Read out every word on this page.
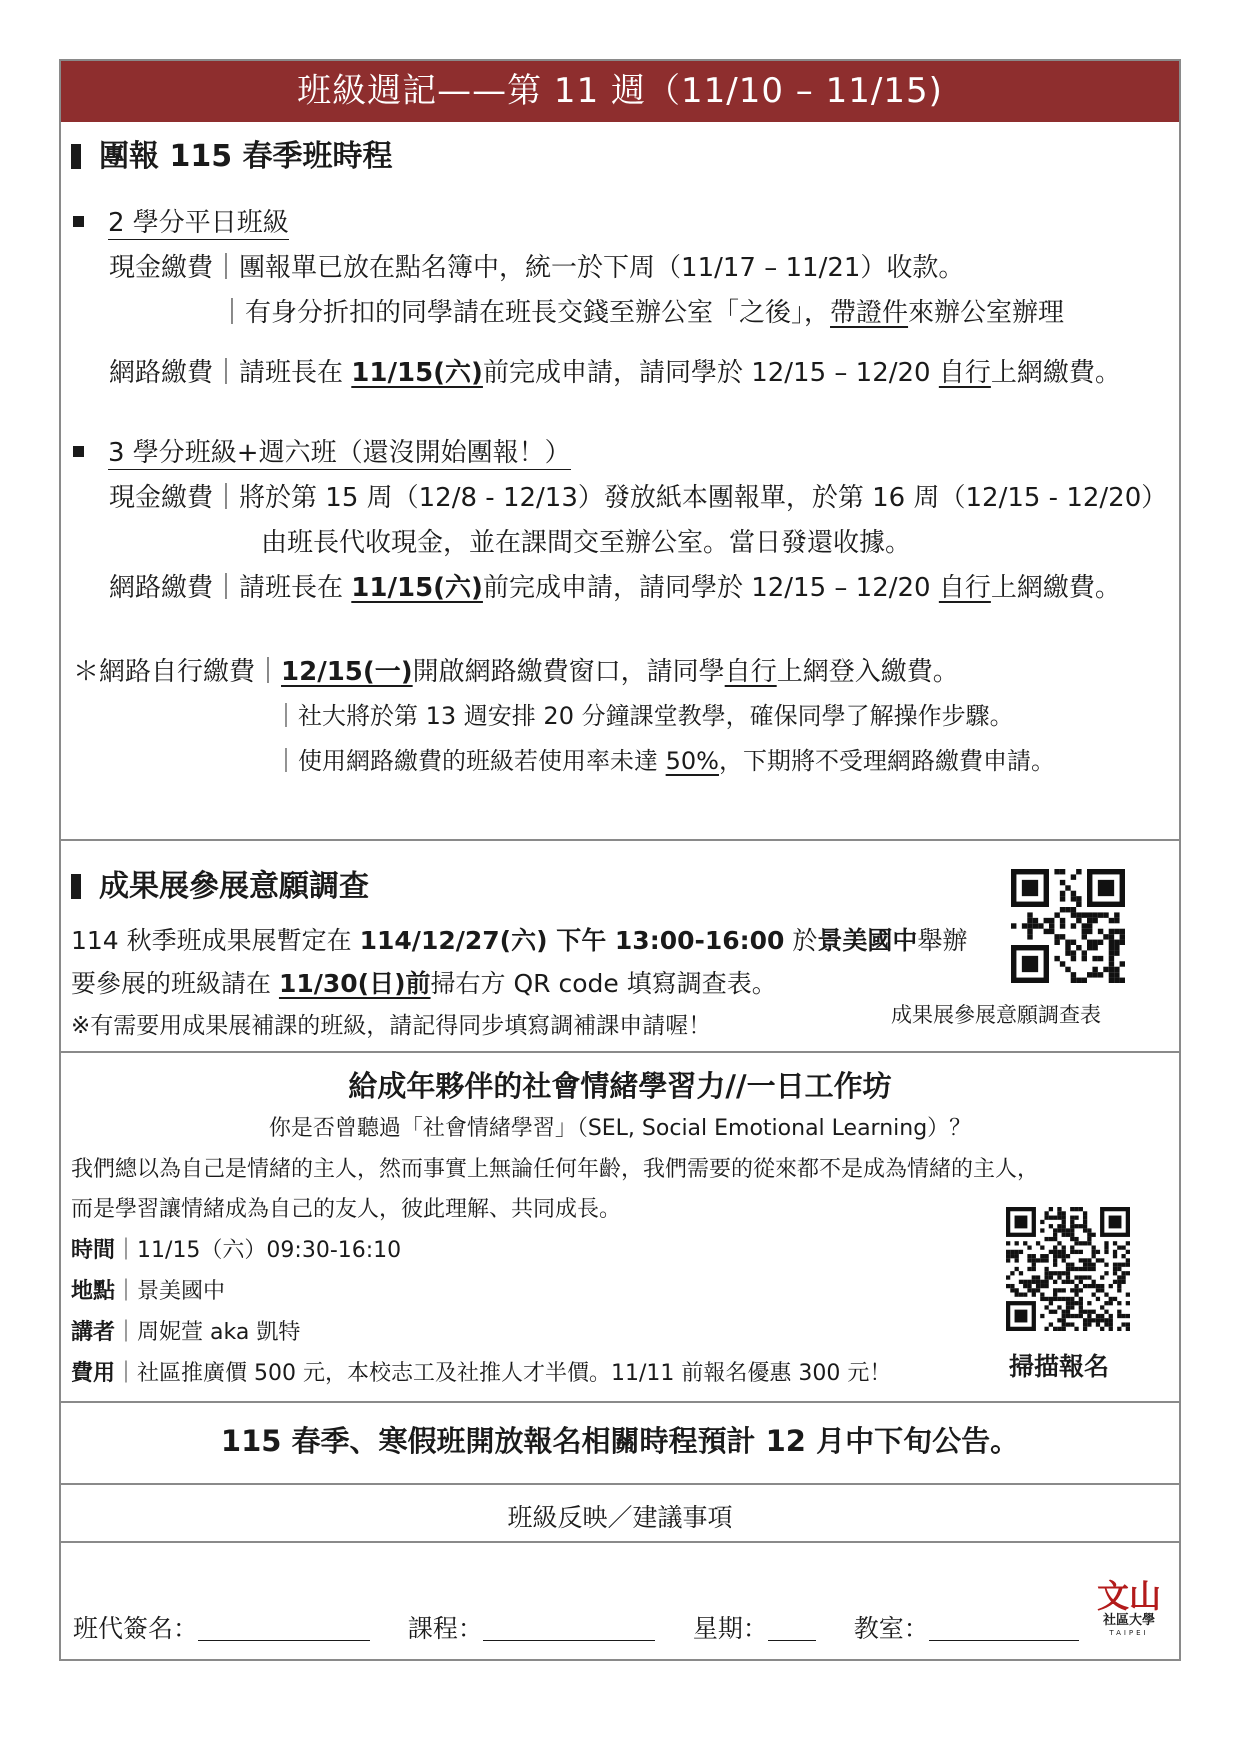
班級週記——第 11 週（11/10 – 11/15)
團報 115 春季班時程
2 學分平日班級
現金繳費｜團報單已放在點名簿中，統一於下周（11/17 – 11/21）收款。
｜有身分折扣的同學請在班長交錢至辦公室「之後」，帶證件來辦公室辦理
網路繳費｜請班長在 11/15(六)前完成申請，請同學於 12/15 – 12/20 自行上網繳費。
3 學分班級+週六班（還沒開始團報！）
現金繳費｜將於第 15 周（12/8 - 12/13）發放紙本團報單，於第 16 周（12/15 - 12/20）
由班長代收現金，並在課間交至辦公室。當日發還收據。
網路繳費｜請班長在 11/15(六)前完成申請，請同學於 12/15 – 12/20 自行上網繳費。
＊網路自行繳費｜12/15(一)開啟網路繳費窗口，請同學自行上網登入繳費。
｜社大將於第 13 週安排 20 分鐘課堂教學，確保同學了解操作步驟。
｜使用網路繳費的班級若使用率未達 50%，下期將不受理網路繳費申請。
成果展參展意願調查
114 秋季班成果展暫定在 114/12/27(六) 下午 13:00-16:00 於景美國中舉辦
要參展的班級請在 11/30(日)前掃右方 QR code 填寫調查表。
※有需要用成果展補課的班級，請記得同步填寫調補課申請喔！	成果展參展意願調查表
給成年夥伴的社會情緒學習力//一日工作坊
你是否曾聽過「社會情緒學習」（SEL, Social Emotional Learning）？
我們總以為自己是情緒的主人，然而事實上無論任何年齡，我們需要的從來都不是成為情緒的主人，
而是學習讓情緒成為自己的友人，彼此理解、共同成長。
時間｜11/15（六）09:30-16:10
地點｜景美國中
講者｜周妮萱 aka 凱特
費用｜社區推廣價 500 元，本校志工及社推人才半價。11/11 前報名優惠 300 元！	掃描報名
115 春季、寒假班開放報名相關時程預計 12 月中下旬公告。
班級反映／建議事項
班代簽名：	課程：	星期：	教室：
文山
社區大學
TAIPEI
